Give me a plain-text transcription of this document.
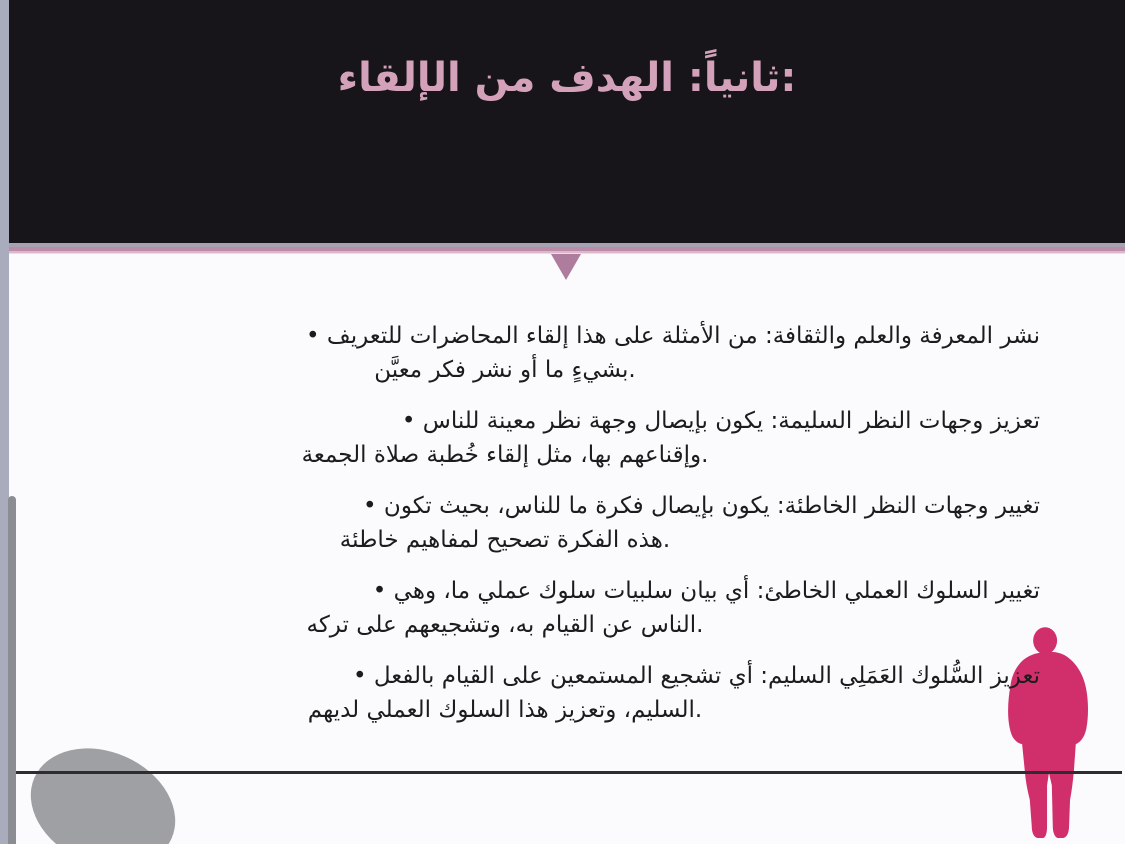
:ثانياً: الهدف من الإلقاء

نشر المعرفة والعلم والثقافة: من الأمثلة على هذا إلقاء المحاضرات للتعريف •
.بشيءٍ ما أو نشر فكر معيَّن

تعزيز وجهات النظر السليمة: يكون بإيصال وجهة نظر معينة للناس •
.وإقناعهم بها، مثل إلقاء خُطبة صلاة الجمعة

تغيير وجهات النظر الخاطئة: يكون بإيصال فكرة ما للناس، بحيث تكون •
.هذه الفكرة تصحيح لمفاهيم خاطئة

تغيير السلوك العملي الخاطئ: أي بيان سلبيات سلوك عملي ما، وهي •
.الناس عن القيام به، وتشجيعهم على تركه

تعزيز السُّلوك العَمَلِي السليم: أي تشجيع المستمعين على القيام بالفعل •
.السليم، وتعزيز هذا السلوك العملي لديهم
